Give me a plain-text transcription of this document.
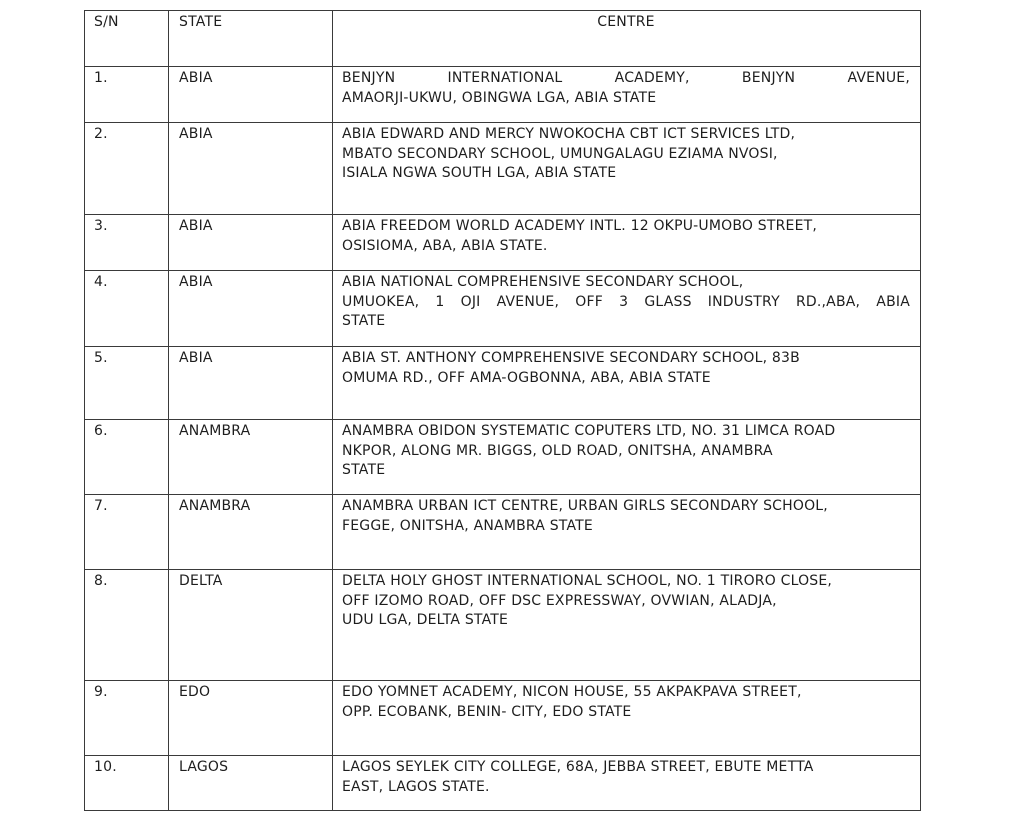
S/N	STATE	CENTRE
1.	ABIA	BENJYN INTERNATIONAL ACADEMY, BENJYN AVENUE,
AMAORJI-UKWU, OBINGWA LGA, ABIA STATE

2.	ABIA	ABIA EDWARD AND MERCY NWOKOCHA CBT ICT SERVICES LTD,
MBATO SECONDARY SCHOOL, UMUNGALAGU EZIAMA NVOSI,
ISIALA NGWA SOUTH LGA, ABIA STATE

3.	ABIA	ABIA FREEDOM WORLD ACADEMY INTL. 12 OKPU-UMOBO STREET,
OSISIOMA, ABA, ABIA STATE.

4.	ABIA	ABIA NATIONAL COMPREHENSIVE SECONDARY SCHOOL,
UMUOKEA, 1 OJI AVENUE, OFF 3 GLASS INDUSTRY RD.,ABA, ABIA
STATE

5.	ABIA	ABIA ST. ANTHONY COMPREHENSIVE SECONDARY SCHOOL, 83B
OMUMA RD., OFF AMA-OGBONNA, ABA, ABIA STATE

6.	ANAMBRA	ANAMBRA OBIDON SYSTEMATIC COPUTERS LTD, NO. 31 LIMCA ROAD
NKPOR, ALONG MR. BIGGS, OLD ROAD, ONITSHA, ANAMBRA
STATE

7.	ANAMBRA	ANAMBRA URBAN ICT CENTRE, URBAN GIRLS SECONDARY SCHOOL,
FEGGE, ONITSHA, ANAMBRA STATE

8.	DELTA	DELTA HOLY GHOST INTERNATIONAL SCHOOL, NO. 1 TIRORO CLOSE,
OFF IZOMO ROAD, OFF DSC EXPRESSWAY, OVWIAN, ALADJA,
UDU LGA, DELTA STATE

9.	EDO	EDO YOMNET ACADEMY, NICON HOUSE, 55 AKPAKPAVA STREET,
OPP. ECOBANK, BENIN- CITY, EDO STATE

10.	LAGOS	LAGOS SEYLEK CITY COLLEGE, 68A, JEBBA STREET, EBUTE METTA
EAST, LAGOS STATE.
